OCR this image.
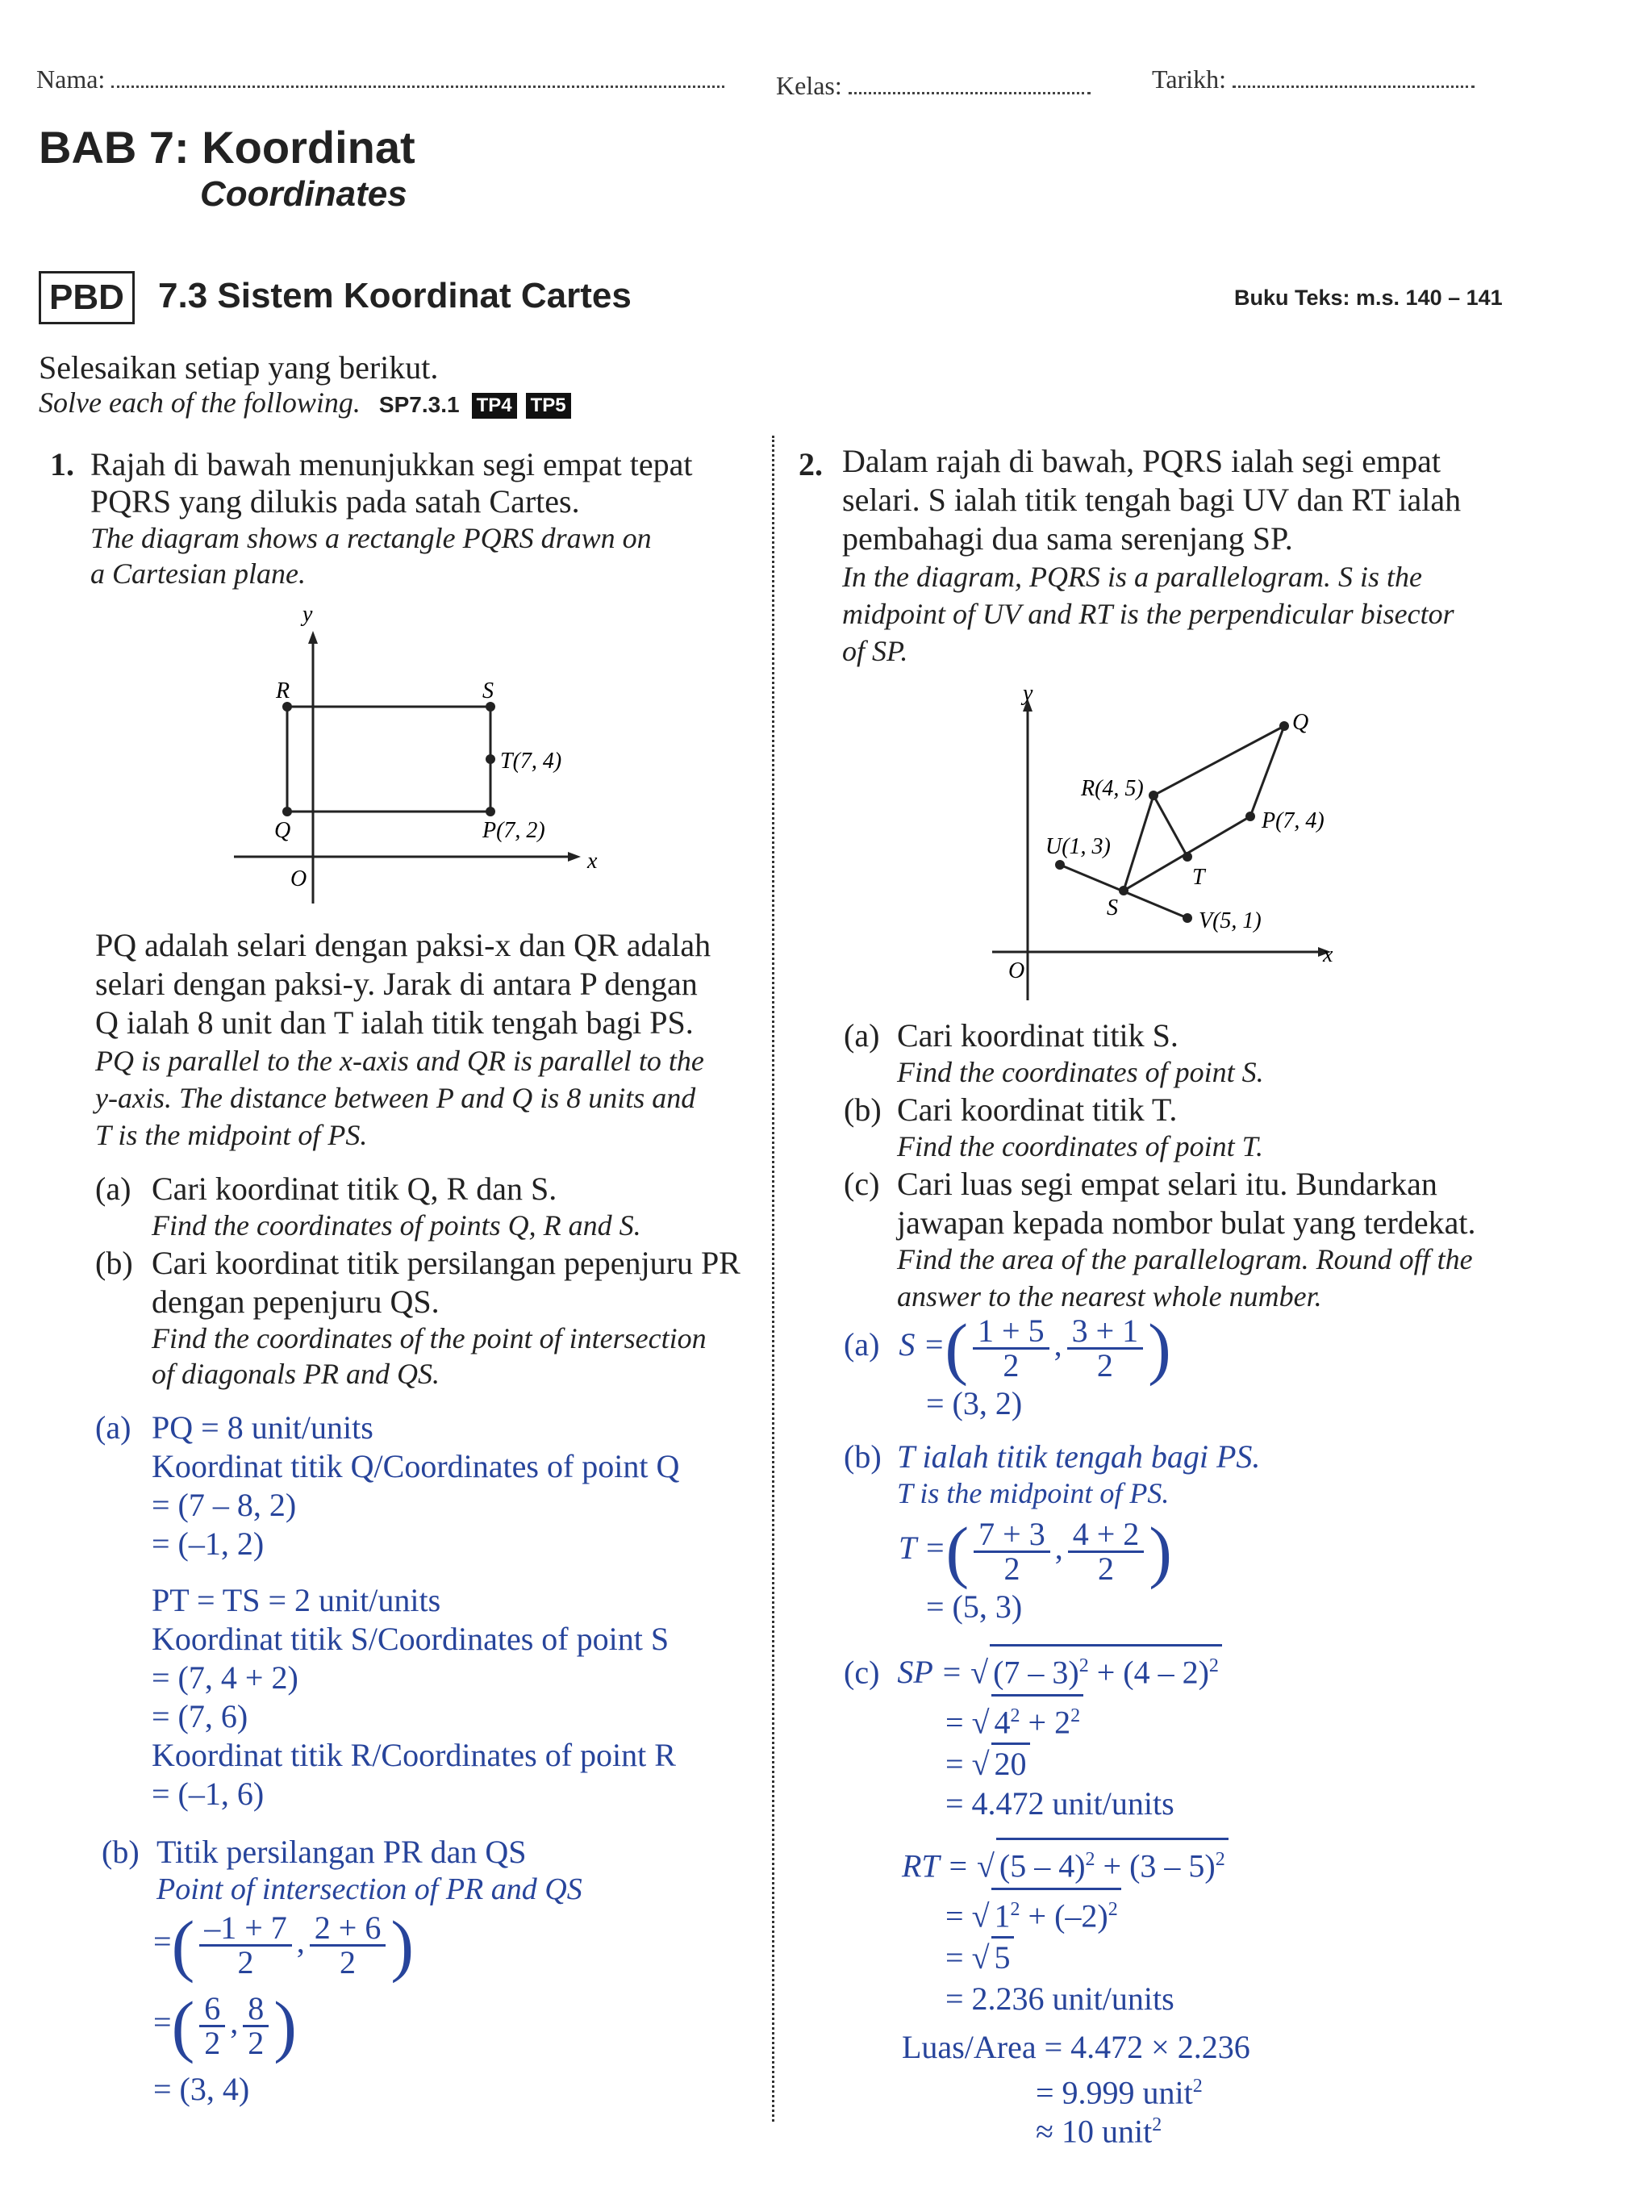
Nama:	Kelas:	Tarikh:
BAB 7: Koordinat
Coordinates
PBD 7.3 Sistem Koordinat Cartes	Buku Teks: m.s. 140 – 141
Selesaikan setiap yang berikut.
Solve each of the following. SP7.3.1 TP4 TP5
1. Rajah di bawah menunjukkan segi empat tepat
PQRS yang dilukis pada satah Cartes.
The diagram shows a rectangle PQRS drawn on
a Cartesian plane.
y
x
O
R	S
T(7, 4)
Q	P(7, 2)
PQ adalah selari dengan paksi-x dan QR adalah
selari dengan paksi-y. Jarak di antara P dengan
Q ialah 8 unit dan T ialah titik tengah bagi PS.
PQ is parallel to the x-axis and QR is parallel to the
y-axis. The distance between P and Q is 8 units and
T is the midpoint of PS.
(a) Cari koordinat titik Q, R dan S.
Find the coordinates of points Q, R and S.
(b) Cari koordinat titik persilangan pepenjuru PR
dengan pepenjuru QS.
Find the coordinates of the point of intersection
of diagonals PR and QS.
(a) PQ = 8 unit/units
Koordinat titik Q/Coordinates of point Q
= (7 – 8, 2)
= (–1, 2)
PT = TS = 2 unit/units
Koordinat titik S/Coordinates of point S
= (7, 4 + 2)
= (7, 6)
Koordinat titik R/Coordinates of point R
= (–1, 6)
(b) Titik persilangan PR dan QS
Point of intersection of PR and QS
=( $\frac{-1 + 7}{2}$ , $\frac{2 + 6}{2}$ )
=( $\frac{6}{2}$ , $\frac{8}{2}$ )
= (3, 4)
2. Dalam rajah di bawah, PQRS ialah segi empat
selari. S ialah titik tengah bagi UV dan RT ialah
pembahagi dua sama serenjang SP.
In the diagram, PQRS is a parallelogram. S is the
midpoint of UV and RT is the perpendicular bisector
of SP.
y
x
O
Q
R(4, 5)
U(1, 3)
P(7, 4)
T
S
V(5, 1)
(a) Cari koordinat titik S.
Find the coordinates of point S.
(b) Cari koordinat titik T.
Find the coordinates of point T.
(c) Cari luas segi empat selari itu. Bundarkan
jawapan kepada nombor bulat yang terdekat.
Find the area of the parallelogram. Round off the
answer to the nearest whole number.
(a) S =( $\frac{1 + 5}{2}$ , $\frac{3 + 1}{2}$ )
= (3, 2)
(b) T ialah titik tengah bagi PS.
T is the midpoint of PS.
T =( $\frac{7 + 3}{2}$ , $\frac{4 + 2}{2}$ )
= (5, 3)
(c) SP = √ (7 – 3)$^2$ + (4 – 2)$^2$
= √ $4^2 + 2^2$
= √ 20
= 4.472 unit/units
RT = √ (5 – 4)$^2$ + (3 – 5)$^2$
= √ $1^2 + (-2)^2$
= √ 5
= 2.236 unit/units
Luas/Area = 4.472 × 2.236
= 9.999 unit$^2$
≈ 10 unit$^2$
